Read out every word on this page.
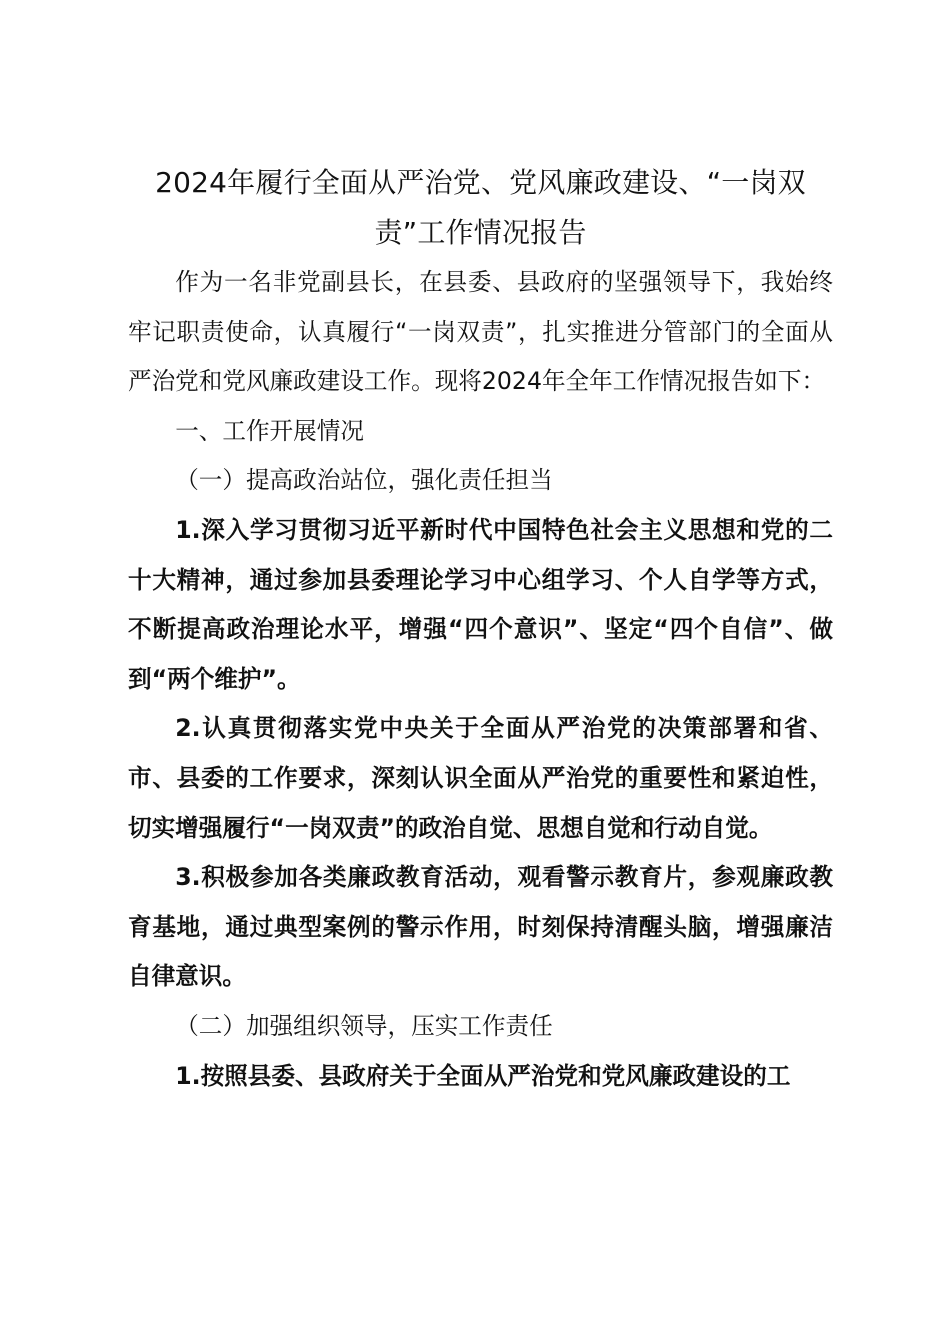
2024年履行全面从严治党、党风廉政建设、“一岗双责”工作情况报告

作为一名非党副县长，在县委、县政府的坚强领导下，我始终牢记职责使命，认真履行“一岗双责”，扎实推进分管部门的全面从严治党和党风廉政建设工作。现将2024年全年工作情况报告如下：

一、工作开展情况

（一）提高政治站位，强化责任担当

1.深入学习贯彻习近平新时代中国特色社会主义思想和党的二十大精神，通过参加县委理论学习中心组学习、个人自学等方式，不断提高政治理论水平，增强“四个意识”、坚定“四个自信”、做到“两个维护”。

2.认真贯彻落实党中央关于全面从严治党的决策部署和省、市、县委的工作要求，深刻认识全面从严治党的重要性和紧迫性，切实增强履行“一岗双责”的政治自觉、思想自觉和行动自觉。

3.积极参加各类廉政教育活动，观看警示教育片，参观廉政教育基地，通过典型案例的警示作用，时刻保持清醒头脑，增强廉洁自律意识。

（二）加强组织领导，压实工作责任

1.按照县委、县政府关于全面从严治党和党风廉政建设的工
